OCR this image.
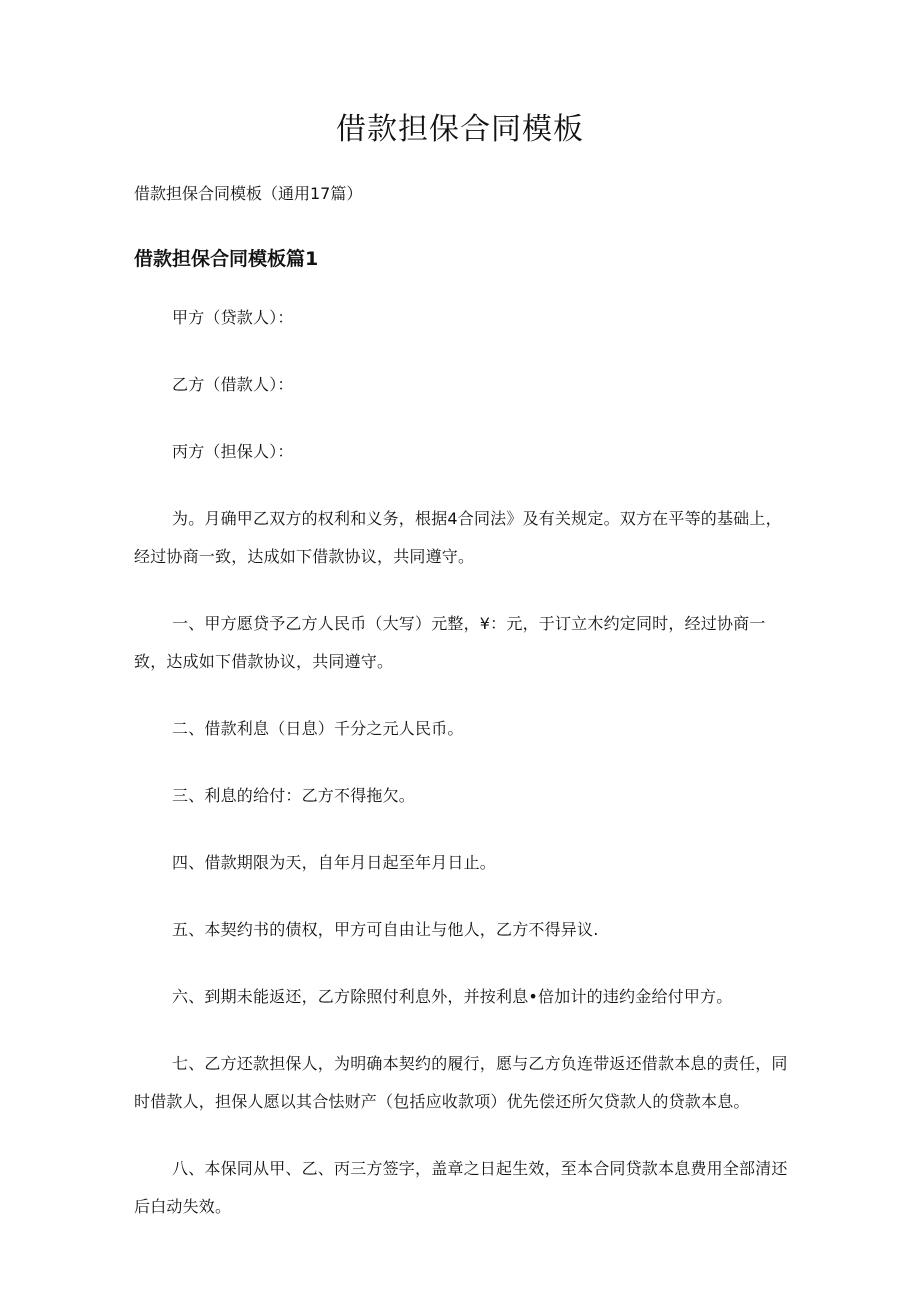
借款担保合同模板

借款担保合同模板（通用17篇）

借款担保合同模板篇1

甲方（贷款人）：

乙方（借款人）：

丙方（担保人）：

为。月确甲乙双方的权利和义务，根据4合同法》及有关规定。双方在平等的基础上，经过协商一致，达成如下借款协议，共同遵守。

一、甲方愿贷予乙方人民币（大写）元整，¥：元，于订立木约定同时，经过协商一致，达成如下借款协议，共同遵守。

二、借款利息（日息）千分之元人民币。

三、利息的给付：乙方不得拖欠。

四、借款期限为天，自年月日起至年月日止。

五、本契约书的债权，甲方可自由让与他人，乙方不得异议.

六、到期未能返还，乙方除照付利息外，并按利息•倍加计的违约金给付甲方。

七、乙方还款担保人，为明确本契约的履行，愿与乙方负连带返还借款本息的责任，同时借款人，担保人愿以其合怯财产（包括应收款项）优先偿还所欠贷款人的贷款本息。

八、本保同从甲、乙、丙三方签字，盖章之日起生效，至本合同贷款本息费用全部清还后白动失效。
